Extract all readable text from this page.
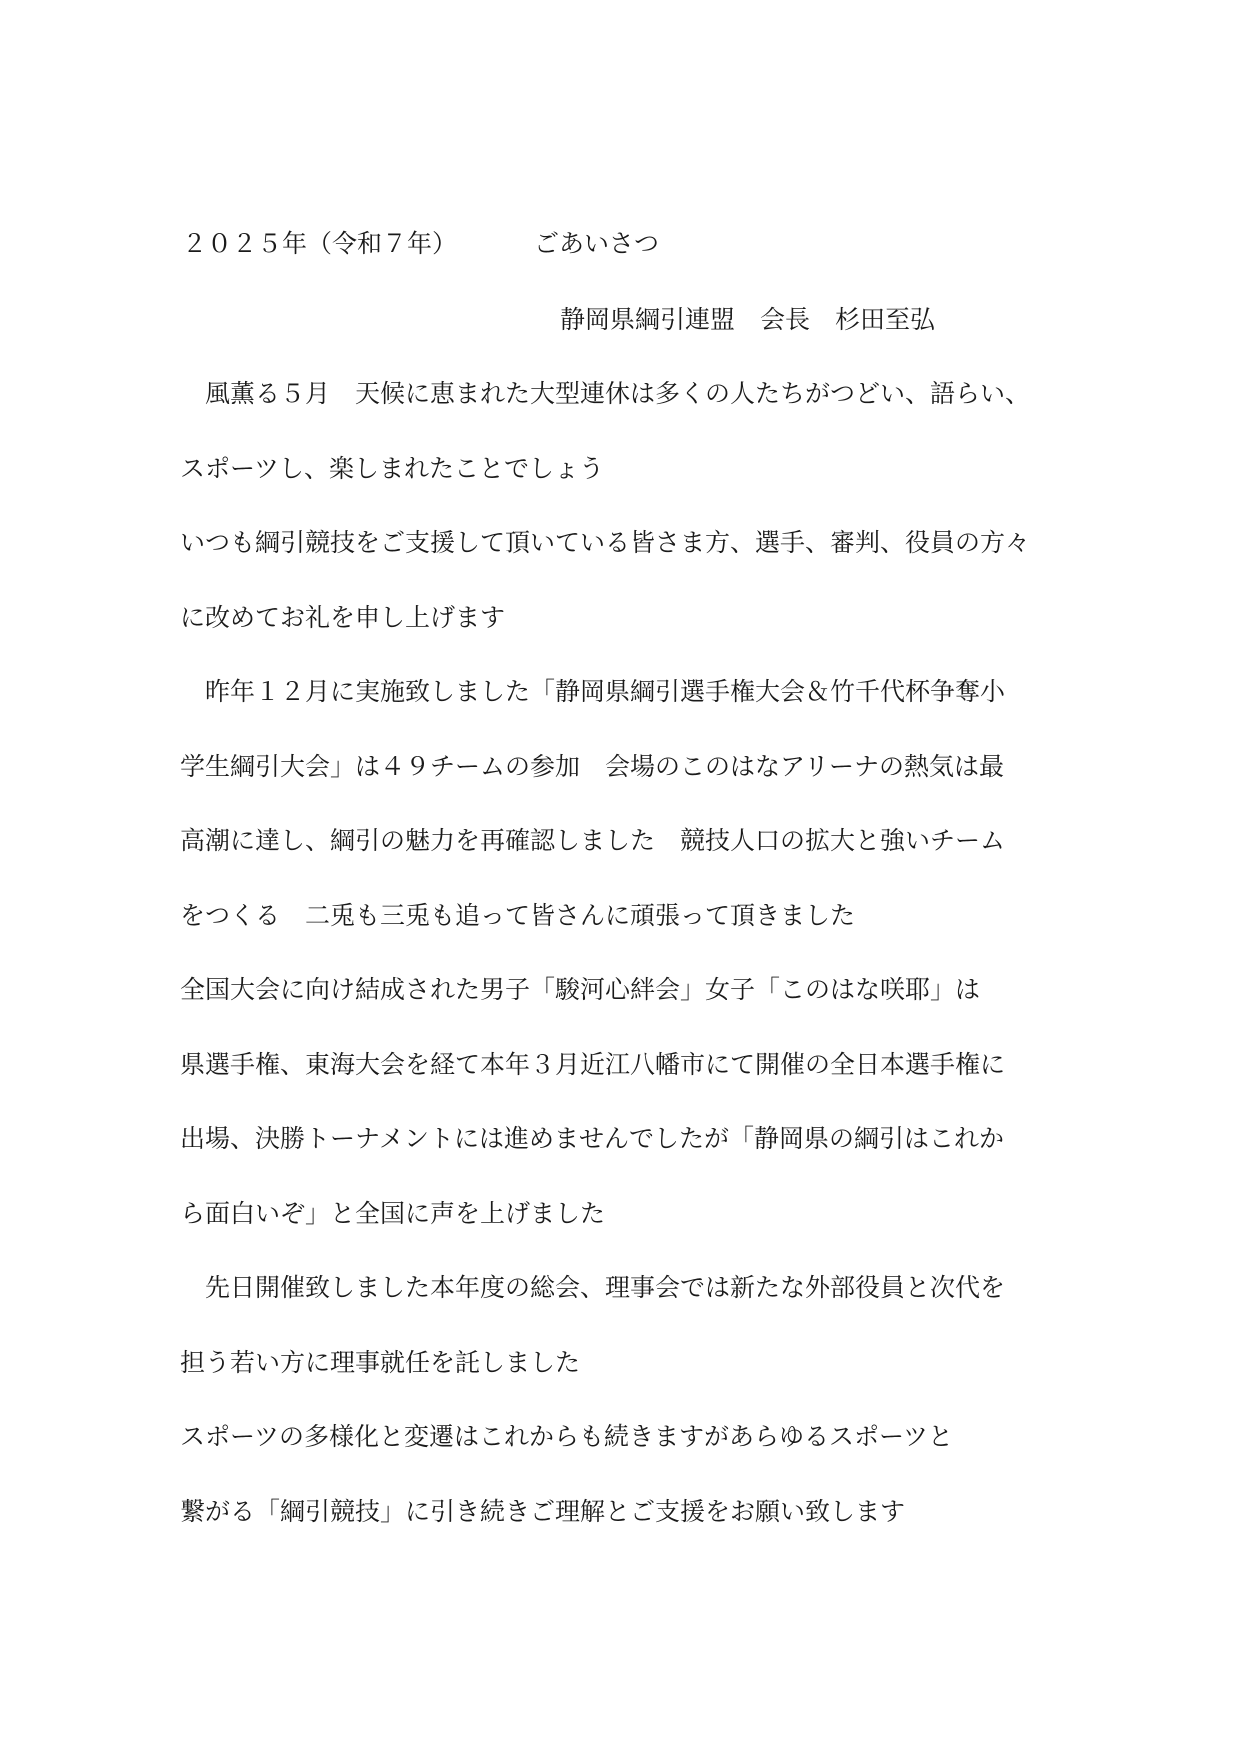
２０２５年（令和７年）	ごあいさつ
静岡県綱引連盟　会長　杉田至弘
　風薫る５月　天候に恵まれた大型連休は多くの人たちがつどい、語らい、
スポーツし、楽しまれたことでしょう
いつも綱引競技をご支援して頂いている皆さま方、選手、審判、役員の方々
に改めてお礼を申し上げます
　昨年１２月に実施致しました「静岡県綱引選手権大会＆竹千代杯争奪小
学生綱引大会」は４９チームの参加　会場のこのはなアリーナの熱気は最
高潮に達し、綱引の魅力を再確認しました　競技人口の拡大と強いチーム
をつくる　二兎も三兎も追って皆さんに頑張って頂きました
全国大会に向け結成された男子「駿河心絆会」女子「このはな咲耶」は
県選手権、東海大会を経て本年３月近江八幡市にて開催の全日本選手権に
出場、決勝トーナメントには進めませんでしたが「静岡県の綱引はこれか
ら面白いぞ」と全国に声を上げました
　先日開催致しました本年度の総会、理事会では新たな外部役員と次代を
担う若い方に理事就任を託しました
スポーツの多様化と変遷はこれからも続きますがあらゆるスポーツと
繋がる「綱引競技」に引き続きご理解とご支援をお願い致します
